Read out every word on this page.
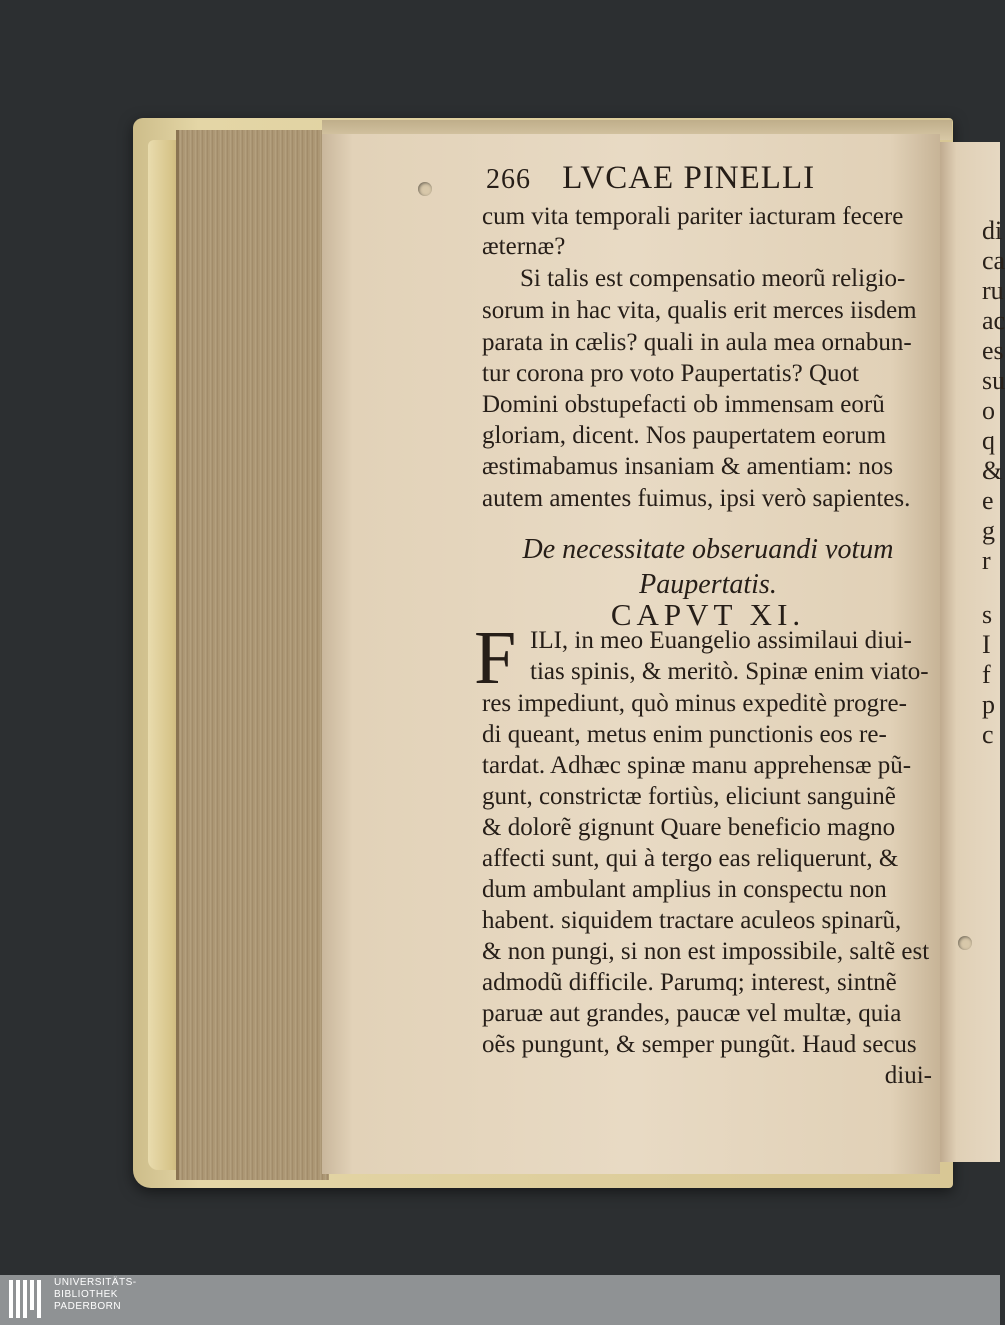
di
ca
ru
ac
es
su
o
q
&
e
g
r
s
I
f
p
c
266 LVCAE PINELLI
cum vita temporali pariter iacturam fecere
æternæ?
Si talis est compensatio meorũ religio-
sorum in hac vita, qualis erit merces iisdem
parata in cælis? quali in aula mea ornabun-
tur corona pro voto Paupertatis? Quot
Domini obstupefacti ob immensam eorũ
gloriam, dicent. Nos paupertatem eorum
æstimabamus insaniam & amentiam: nos
autem amentes fuimus, ipsi verò sapientes.
De necessitate obseruandi votum
Paupertatis.
CAPVT XI.
F ILI, in meo Euangelio assimilaui diui-
tias spinis, & meritò. Spinæ enim viato-
res impediunt, quò minus expeditè progre-
di queant, metus enim punctionis eos re-
tardat. Adhæc spinæ manu apprehensæ pũ-
gunt, constrictæ fortiùs, eliciunt sanguinẽ
& dolorẽ gignunt Quare beneficio magno
affecti sunt, qui à tergo eas reliquerunt, &
dum ambulant amplius in conspectu non
habent. siquidem tractare aculeos spinarũ,
& non pungi, si non est impossibile, saltẽ est
admodũ difficile. Parumq; interest, sintnẽ
paruæ aut grandes, paucæ vel multæ, quia
oẽs pungunt, & semper pungũt. Haud secus
diui-
UNIVERSITÄTS-
BIBLIOTHEK
PADERBORN
